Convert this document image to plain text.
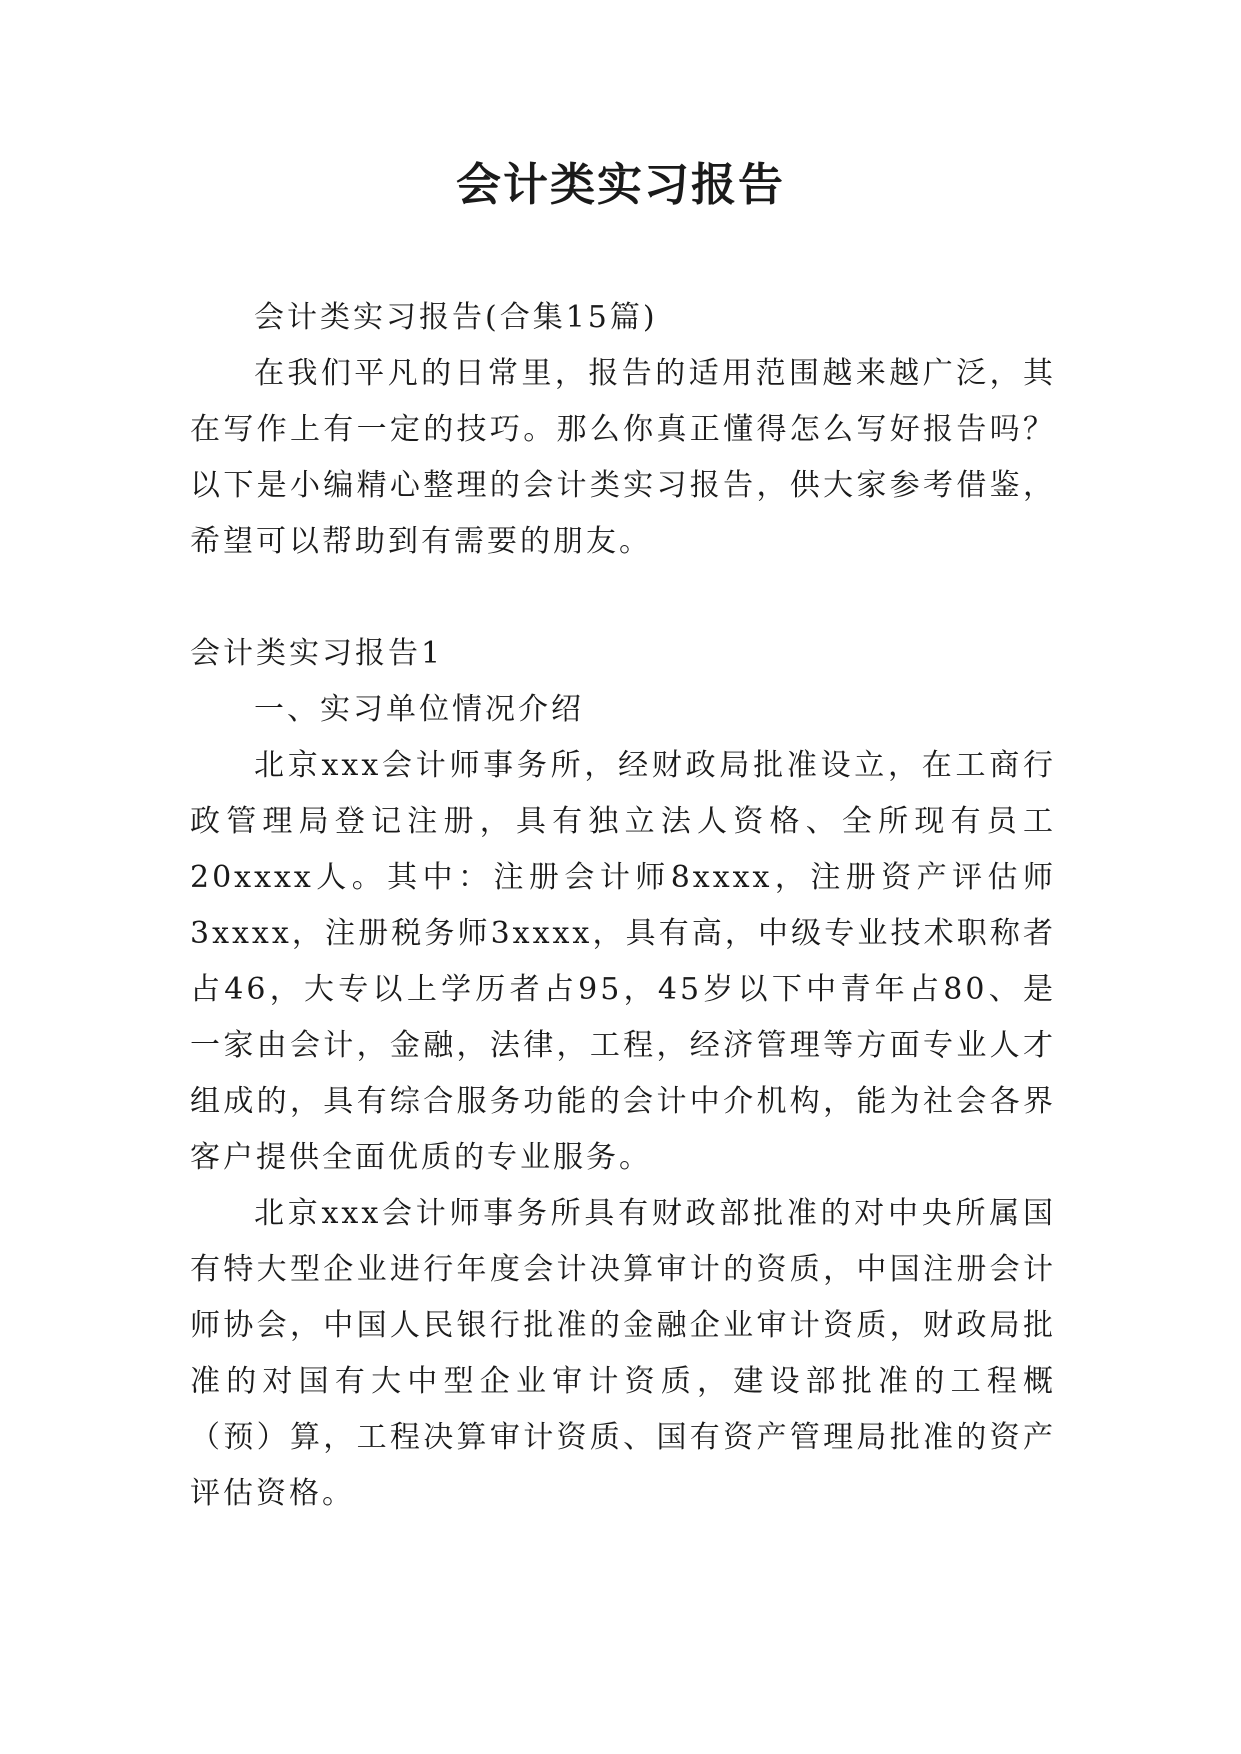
会计类实习报告

会计类实习报告(合集15篇)

在我们平凡的日常里，报告的适用范围越来越广泛，其在写作上有一定的技巧。那么你真正懂得怎么写好报告吗？以下是小编精心整理的会计类实习报告，供大家参考借鉴，希望可以帮助到有需要的朋友。

会计类实习报告1

一、实习单位情况介绍

北京xxx会计师事务所，经财政局批准设立，在工商行政管理局登记注册，具有独立法人资格、全所现有员工20xxxx人。其中：注册会计师8xxxx，注册资产评估师3xxxx，注册税务师3xxxx，具有高，中级专业技术职称者占46，大专以上学历者占95，45岁以下中青年占80、是一家由会计，金融，法律，工程，经济管理等方面专业人才组成的，具有综合服务功能的会计中介机构，能为社会各界客户提供全面优质的专业服务。

北京xxx会计师事务所具有财政部批准的对中央所属国有特大型企业进行年度会计决算审计的资质，中国注册会计师协会，中国人民银行批准的金融企业审计资质，财政局批准的对国有大中型企业审计资质，建设部批准的工程概（预）算，工程决算审计资质、国有资产管理局批准的资产评估资格。
